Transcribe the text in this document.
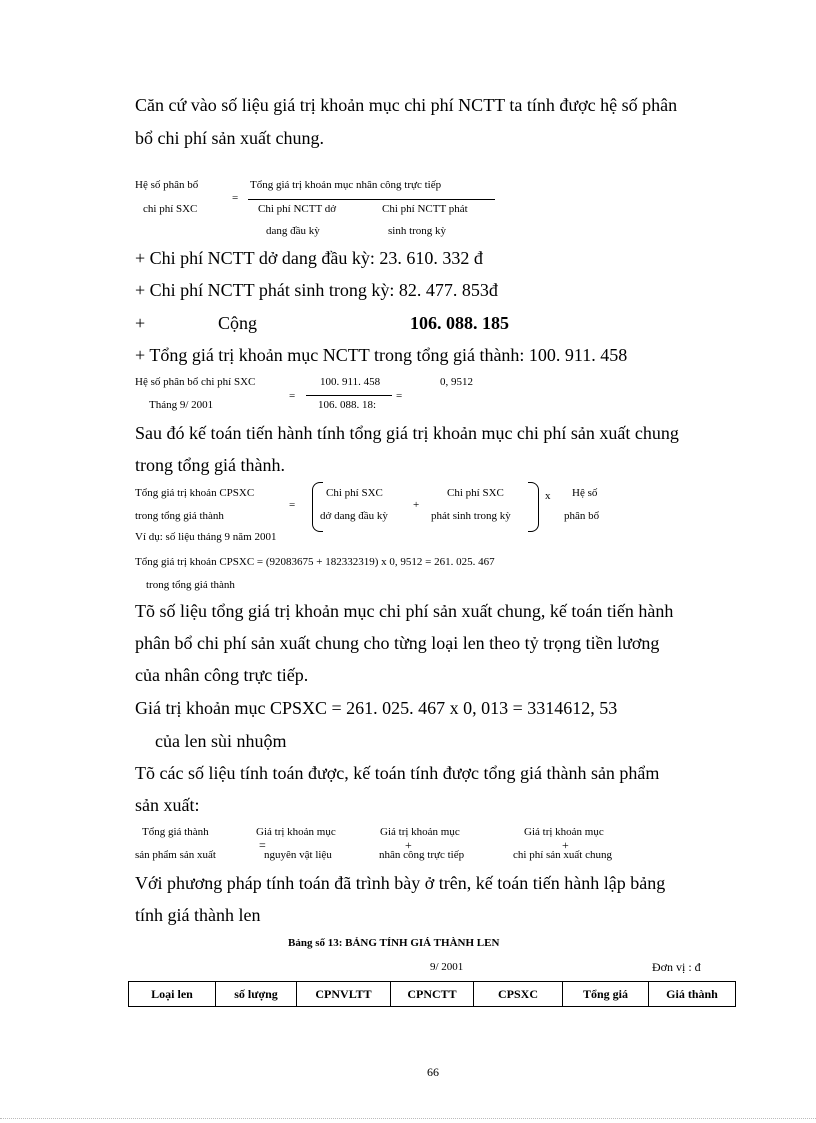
Căn cứ vào số liệu giá trị khoản mục chi phí NCTT ta tính được hệ số phân
bổ chi phí sản xuất chung.
Hệ số phân bổ
chi phí SXC
=
Tổng giá trị khoản mục nhân công trực tiếp
Chi phí NCTT dở
dang đầu kỳ
Chi phí NCTT phát
sinh trong kỳ
+ Chi phí NCTT dở dang đầu kỳ: 23. 610. 332 đ
+ Chi phí NCTT phát sinh trong kỳ: 82. 477. 853đ
+	Cộng	106. 088. 185
+ Tổng giá trị khoản mục NCTT trong tổng giá thành: 100. 911. 458
Hệ số phân bổ chi phí SXC
Tháng 9/ 2001
=
100. 911. 458
106. 088. 18:
=
0, 9512
Sau đó kế toán tiến hành tính tổng giá trị khoản mục chi phí sản xuất chung
trong tổng giá thành.
Tổng giá trị khoản CPSXC
trong tổng giá thành
=
Chi phí SXC
dở dang đầu kỳ
+
Chi phí SXC
phát sinh trong kỳ
x Hệ số
phân bổ
Ví dụ: số liệu tháng 9 năm 2001
Tổng giá trị khoản CPSXC = (92083675 + 182332319) x 0, 9512 = 261. 025. 467
trong tổng giá thành
Tõ số liệu tổng giá trị khoản mục chi phí sản xuất chung, kế toán tiến hành
phân bổ chi phí sản xuất chung cho từng loại len theo tỷ trọng tiền lương
của nhân công trực tiếp.
Giá trị khoản mục CPSXC = 261. 025. 467 x 0, 013 = 3314612, 53
của len sùi nhuộm
Tõ các số liệu tính toán được, kế toán tính được tổng giá thành sản phẩm
sản xuất:
Tổng giá thành
sản phẩm sản xuất
=
Giá trị khoản mục
nguyên vật liệu
Giá trị khoản mục
+
nhân công trực tiếp
Giá trị khoản mục
+
chi phí sản xuất chung
Với phương pháp tính toán đã trình bày ở trên, kế toán tiến hành lập bảng
tính giá thành len
Bảng số 13: BẢNG TÍNH GIÁ THÀNH LEN
9/ 2001	Đơn vị : đ
Loại len	số lượng	CPNVLTT	CPNCTT	CPSXC	Tổng giá	Giá thành
66
